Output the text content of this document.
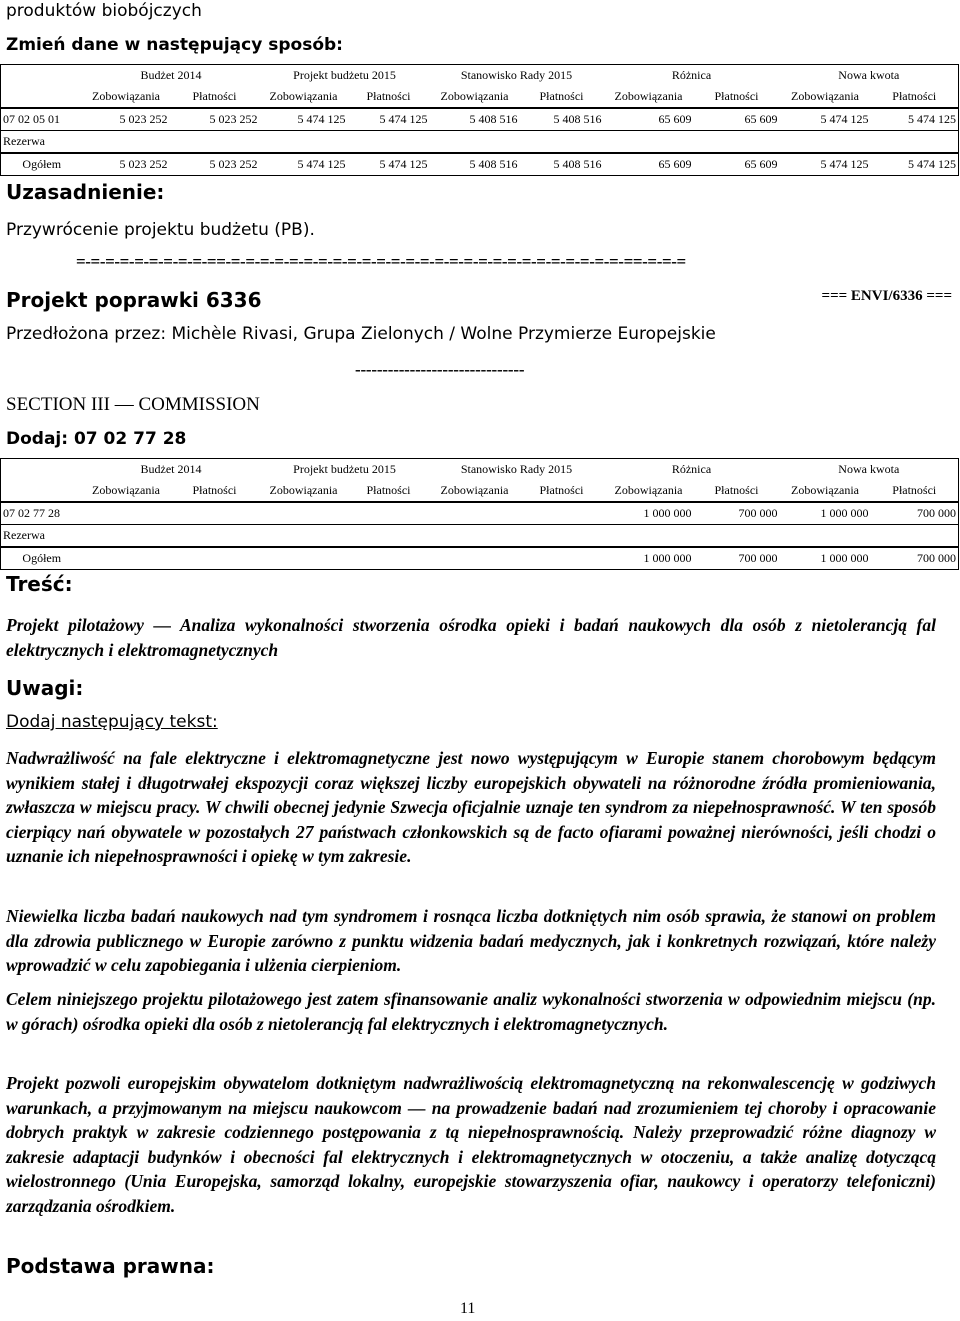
produktów biobójczych
Zmień dane w następujący sposób:
	Budżet 2014		Projekt budżetu 2015		Stanowisko Rady 2015		Różnica		Nowa kwota	
	Zobowiązania	Płatności	Zobowiązania	Płatności	Zobowiązania	Płatności	Zobowiązania	Płatności	Zobowiązania	Płatności
07 02 05 01	5 023 252	5 023 252	5 474 125	5 474 125	5 408 516	5 408 516	65 609	65 609	5 474 125	5 474 125
Rezerwa										
Ogółem	5 023 252	5 023 252	5 474 125	5 474 125	5 408 516	5 408 516	65 609	65 609	5 474 125	5 474 125
Uzasadnienie:
Przywrócenie projektu budżetu (PB).
=-=-=-=-=-=-=-=-=-==-=-=-=-=-=-=-=-=-=-=-=-=-=-=-=-=-=-=-=-=-=-=-=-=-=-=-=-==-=-=-=
Projekt poprawki 6336	=== ENVI/6336 ===
Przedłożona przez: Michèle Rivasi, Grupa Zielonych / Wolne Przymierze Europejskie
-------------------------------
SECTION III — COMMISSION
Dodaj: 07 02 77 28
	Budżet 2014		Projekt budżetu 2015		Stanowisko Rady 2015		Różnica		Nowa kwota	
	Zobowiązania	Płatności	Zobowiązania	Płatności	Zobowiązania	Płatności	Zobowiązania	Płatności	Zobowiązania	Płatności
07 02 77 28							1 000 000	700 000	1 000 000	700 000
Rezerwa										
Ogółem							1 000 000	700 000	1 000 000	700 000
Treść:
Projekt pilotażowy — Analiza wykonalności stworzenia ośrodka opieki i badań naukowych dla osób z nietolerancją fal elektrycznych i elektromagnetycznych
Uwagi:
Dodaj następujący tekst:
Nadwrażliwość na fale elektryczne i elektromagnetyczne jest nowo występującym w Europie stanem chorobowym będącym wynikiem stałej i długotrwałej ekspozycji coraz większej liczby europejskich obywateli na różnorodne źródła promieniowania, zwłaszcza w miejscu pracy. W chwili obecnej jedynie Szwecja oficjalnie uznaje ten syndrom za niepełnosprawność. W ten sposób cierpiący nań obywatele w pozostałych 27 państwach członkowskich są de facto ofiarami poważnej nierówności, jeśli chodzi o uznanie ich niepełnosprawności i opiekę w tym zakresie.
Niewielka liczba badań naukowych nad tym syndromem i rosnąca liczba dotkniętych nim osób sprawia, że stanowi on problem dla zdrowia publicznego w Europie zarówno z punktu widzenia badań medycznych, jak i konkretnych rozwiązań, które należy wprowadzić w celu zapobiegania i ulżenia cierpieniom.
Celem niniejszego projektu pilotażowego jest zatem sfinansowanie analiz wykonalności stworzenia w odpowiednim miejscu (np. w górach) ośrodka opieki dla osób z nietolerancją fal elektrycznych i elektromagnetycznych.
Projekt pozwoli europejskim obywatelom dotkniętym nadwrażliwością elektromagnetyczną na rekonwalescencję w godziwych warunkach, a przyjmowanym na miejscu naukowcom — na prowadzenie badań nad zrozumieniem tej choroby i opracowanie dobrych praktyk w zakresie codziennego postępowania z tą niepełnosprawnością. Należy przeprowadzić różne diagnozy w zakresie adaptacji budynków i obecności fal elektrycznych i elektromagnetycznych w otoczeniu, a także analizę dotyczącą wielostronnego (Unia Europejska, samorząd lokalny, europejskie stowarzyszenia ofiar, naukowcy i operatorzy telefoniczni) zarządzania ośrodkiem.
Podstawa prawna:
11
